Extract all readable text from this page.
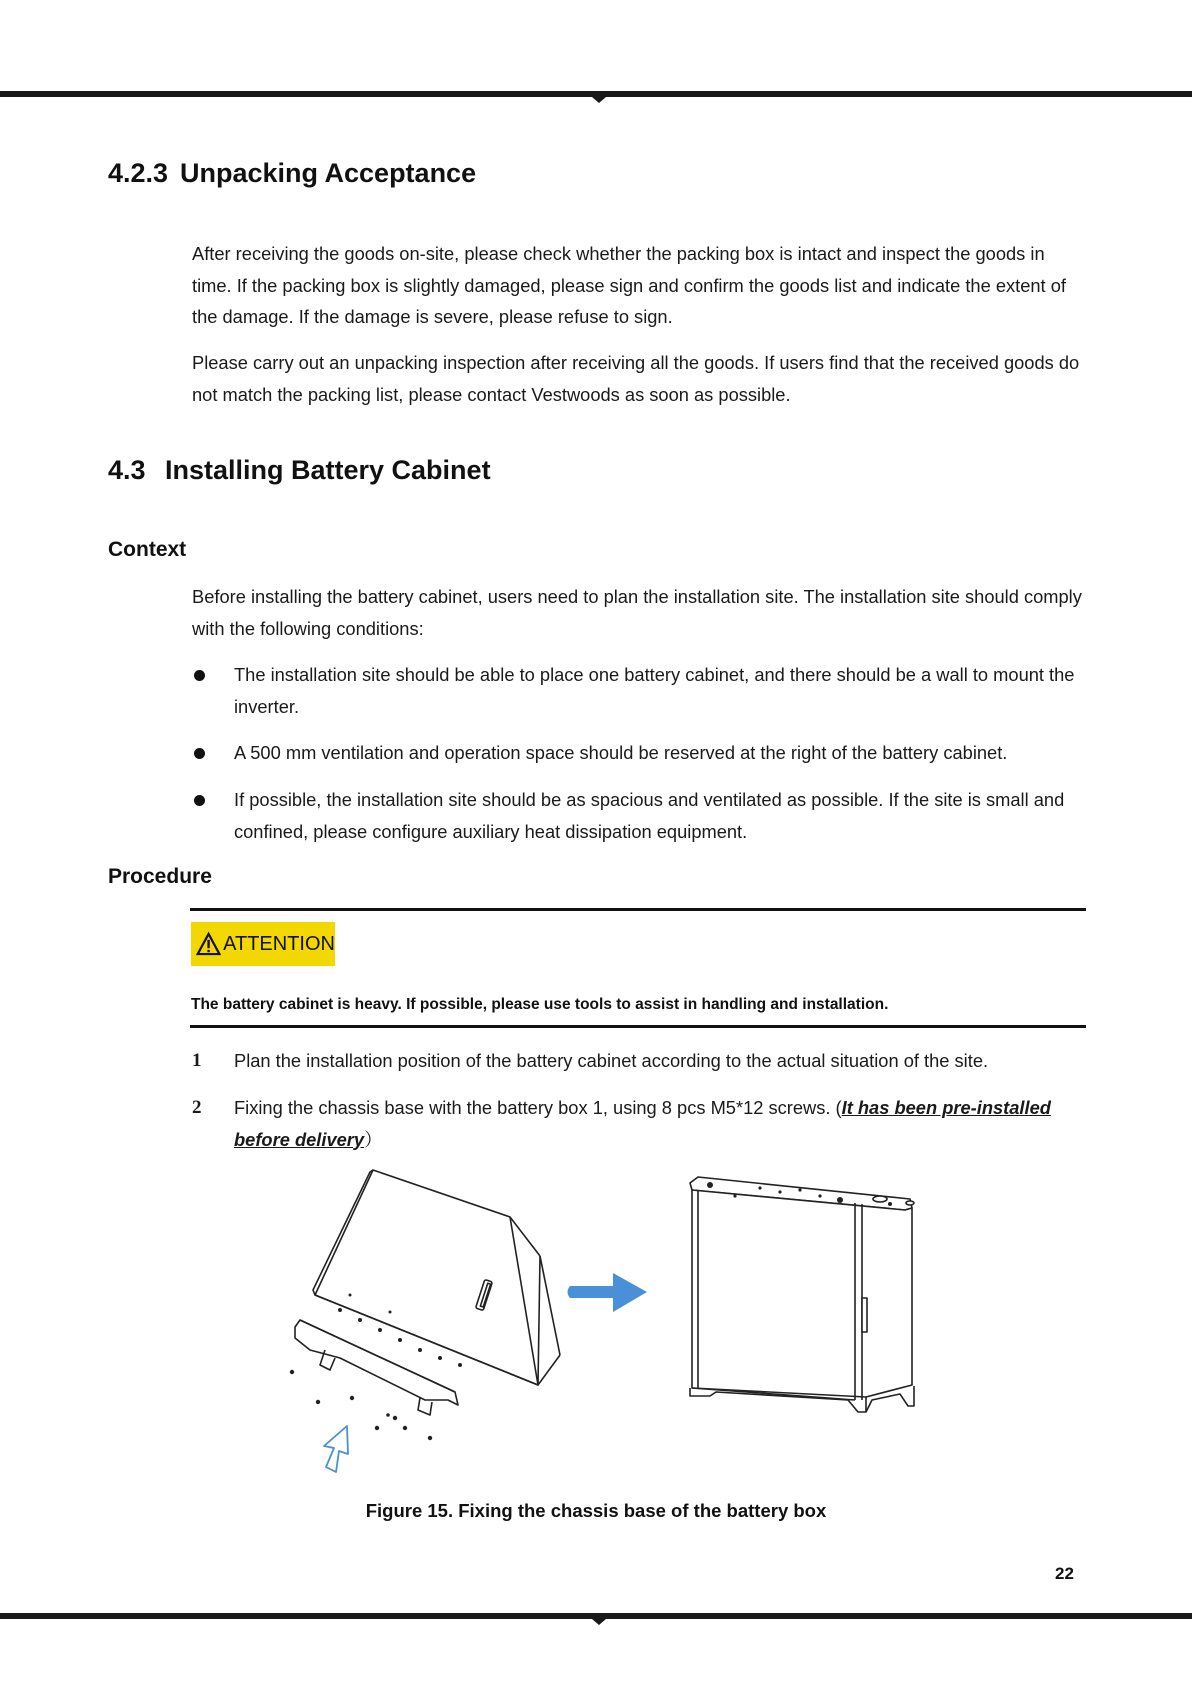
4.2.3 Unpacking Acceptance

After receiving the goods on-site, please check whether the packing box is intact and inspect the goods in time. If the packing box is slightly damaged, please sign and confirm the goods list and indicate the extent of the damage. If the damage is severe, please refuse to sign.

Please carry out an unpacking inspection after receiving all the goods. If users find that the received goods do not match the packing list, please contact Vestwoods as soon as possible.

4.3 Installing Battery Cabinet
Context

Before installing the battery cabinet, users need to plan the installation site. The installation site should comply with the following conditions:

The installation site should be able to place one battery cabinet, and there should be a wall to mount the inverter.
A 500 mm ventilation and operation space should be reserved at the right of the battery cabinet.
If possible, the installation site should be as spacious and ventilated as possible. If the site is small and confined, please configure auxiliary heat dissipation equipment.
Procedure
ATTENTION

The battery cabinet is heavy. If possible, please use tools to assist in handling and installation.

1 Plan the installation position of the battery cabinet according to the actual situation of the site.
2 Fixing the chassis base with the battery box 1, using 8 pcs M5*12 screws. (It has been pre-installed before delivery）

Figure 15. Fixing the chassis base of the battery box

22
